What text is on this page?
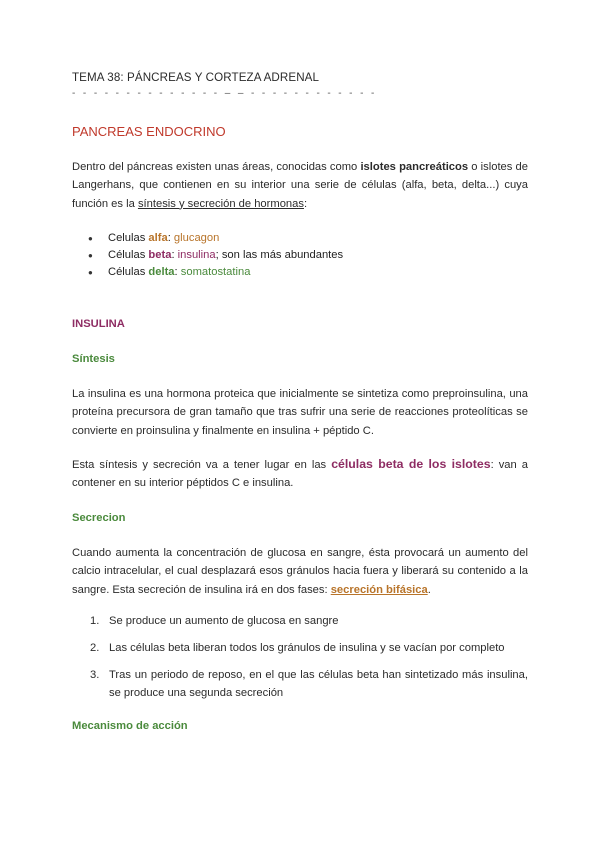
TEMA 38: PÁNCREAS Y CORTEZA ADRENAL
- - - - - - - - - - - - - - – – - - - - - - - - - - - -
PANCREAS ENDOCRINO
Dentro del páncreas existen unas áreas, conocidas como islotes pancreáticos o islotes de Langerhans, que contienen en su interior una serie de células (alfa, beta, delta...) cuya función es la síntesis y secreción de hormonas:
● Celulas alfa: glucagon
● Células beta: insulina; son las más abundantes
● Células delta: somatostatina
INSULINA
Síntesis
La insulina es una hormona proteica que inicialmente se sintetiza como preproinsulina, una proteína precursora de gran tamaño que tras sufrir una serie de reacciones proteolíticas se convierte en proinsulina y finalmente en insulina + péptido C.
Esta síntesis y secreción va a tener lugar en las células beta de los islotes: van a contener en su interior péptidos C e insulina.
Secrecion
Cuando aumenta la concentración de glucosa en sangre, ésta provocará un aumento del calcio intracelular, el cual desplazará esos gránulos hacia fuera y liberará su contenido a la sangre. Esta secreción de insulina irá en dos fases: secreción bifásica.
1. Se produce un aumento de glucosa en sangre
2. Las células beta liberan todos los gránulos de insulina y se vacían por completo
3. Tras un periodo de reposo, en el que las células beta han sintetizado más insulina, se produce una segunda secreción
Mecanismo de acción
